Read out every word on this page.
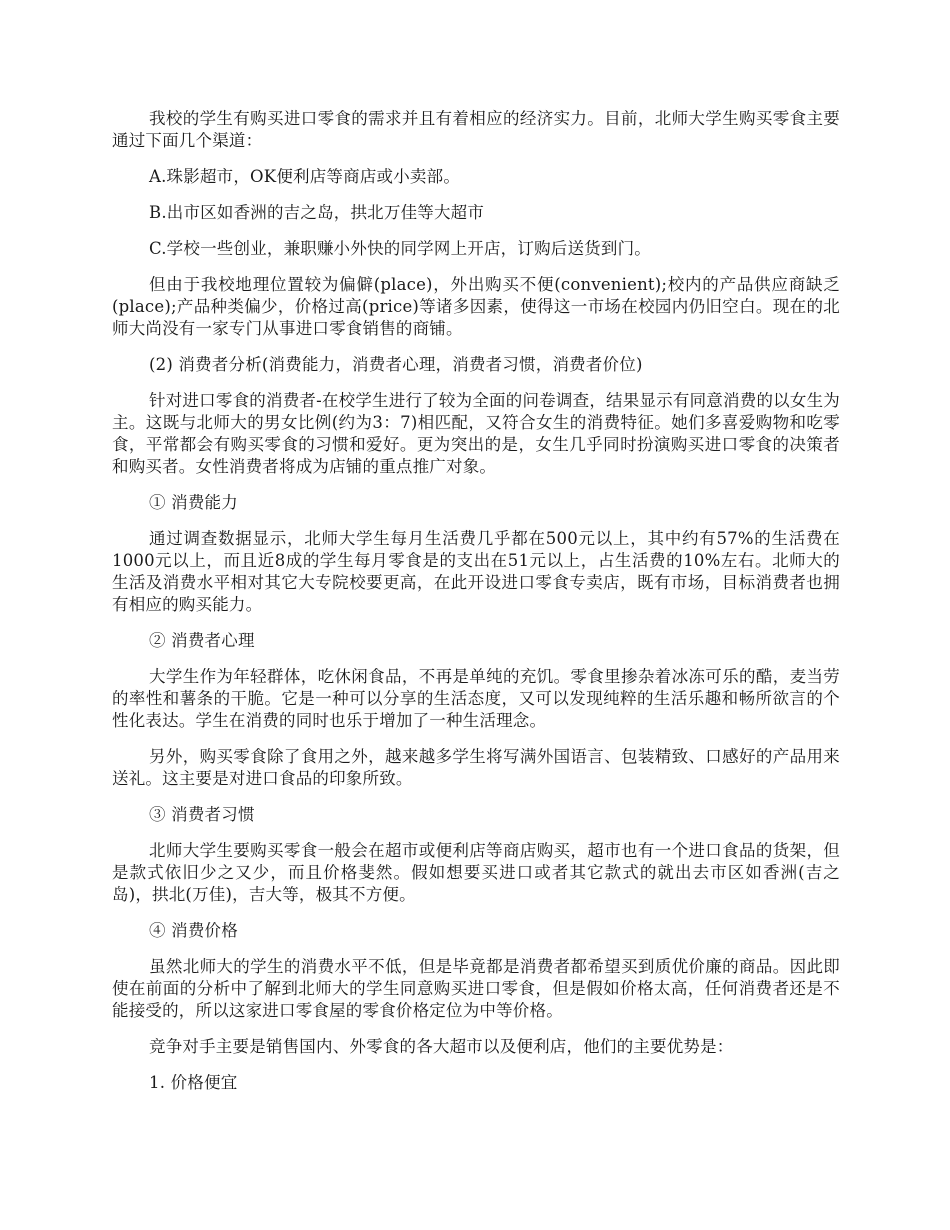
我校的学生有购买进口零食的需求并且有着相应的经济实力。目前，北师大学生购买零食主要通过下面几个渠道：

A.珠影超市，OK便利店等商店或小卖部。

B.出市区如香洲的吉之岛，拱北万佳等大超市

C.学校一些创业，兼职赚小外快的同学网上开店，订购后送货到门。

但由于我校地理位置较为偏僻(place)，外出购买不便(convenient);校内的产品供应商缺乏(place);产品种类偏少，价格过高(price)等诸多因素，使得这一市场在校园内仍旧空白。现在的北师大尚没有一家专门从事进口零食销售的商铺。

(2) 消费者分析(消费能力，消费者心理，消费者习惯，消费者价位)

针对进口零食的消费者-在校学生进行了较为全面的问卷调查，结果显示有同意消费的以女生为主。这既与北师大的男女比例(约为3：7)相匹配，又符合女生的消费特征。她们多喜爱购物和吃零食，平常都会有购买零食的习惯和爱好。更为突出的是，女生几乎同时扮演购买进口零食的决策者和购买者。女性消费者将成为店铺的重点推广对象。

① 消费能力

通过调查数据显示，北师大学生每月生活费几乎都在500元以上，其中约有57%的生活费在1000元以上，而且近8成的学生每月零食是的支出在51元以上，占生活费的10%左右。北师大的生活及消费水平相对其它大专院校要更高，在此开设进口零食专卖店，既有市场，目标消费者也拥有相应的购买能力。

② 消费者心理

大学生作为年轻群体，吃休闲食品，不再是单纯的充饥。零食里掺杂着冰冻可乐的酷，麦当劳的率性和薯条的干脆。它是一种可以分享的生活态度，又可以发现纯粹的生活乐趣和畅所欲言的个性化表达。学生在消费的同时也乐于增加了一种生活理念。

另外，购买零食除了食用之外，越来越多学生将写满外国语言、包装精致、口感好的产品用来送礼。这主要是对进口食品的印象所致。

③ 消费者习惯

北师大学生要购买零食一般会在超市或便利店等商店购买，超市也有一个进口食品的货架，但是款式依旧少之又少，而且价格斐然。假如想要买进口或者其它款式的就出去市区如香洲(吉之岛)，拱北(万佳)，吉大等，极其不方便。

④ 消费价格

虽然北师大的学生的消费水平不低，但是毕竟都是消费者都希望买到质优价廉的商品。因此即使在前面的分析中了解到北师大的学生同意购买进口零食，但是假如价格太高，任何消费者还是不能接受的，所以这家进口零食屋的零食价格定位为中等价格。

竞争对手主要是销售国内、外零食的各大超市以及便利店，他们的主要优势是：

1. 价格便宜
